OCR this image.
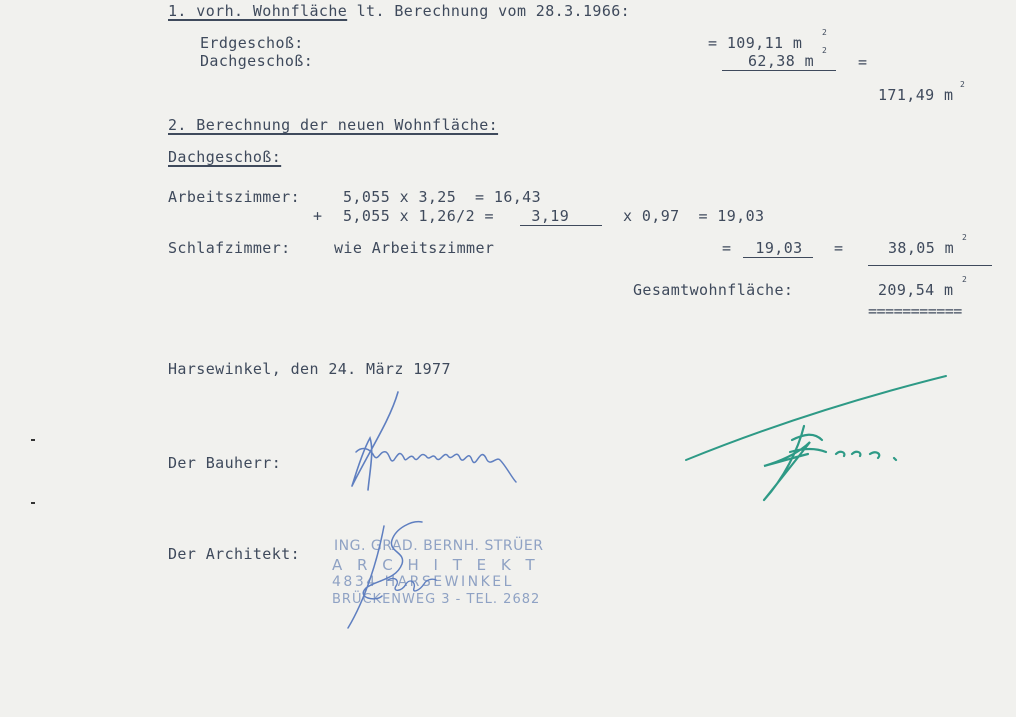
1. vorh. Wohnfläche lt. Berechnung vom 28.3.1966:
Erdgeschoß:	= 109,11 m
2
Dachgeschoß:	62,38 m
2
=
171,49 m
2
2. Berechnung der neuen Wohnfläche:
Dachgeschoß:
Arbeitszimmer:	5,055 x 3,25  = 16,43
+ 5,055 x 1,26/2 = 3,19	x 0,97  = 19,03
Schlafzimmer:	wie Arbeitszimmer	= 19,03 =	38,05 m
2
Gesamtwohnfläche:	209,54 m
2
===========
Harsewinkel, den 24. März 1977
Der Bauherr:
Der Architekt: ING. GRAD. BERNH. STRÜER
A R C H I T E K T
4834 HARSEWINKEL
BRÜCKENWEG 3 - TEL. 2682
